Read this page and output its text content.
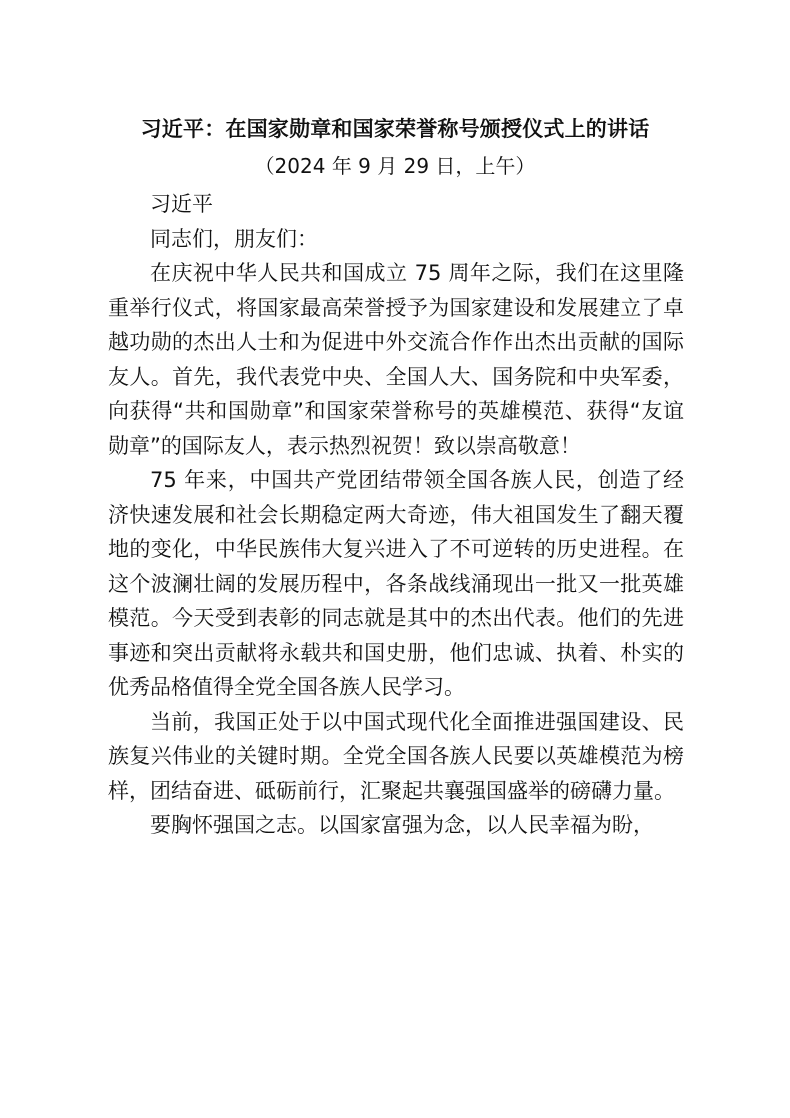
习近平：在国家勋章和国家荣誉称号颁授仪式上的讲话
（2024 年 9 月 29 日，上午）

习近平

同志们，朋友们：

在庆祝中华人民共和国成立 75 周年之际，我们在这里隆重举行仪式，将国家最高荣誉授予为国家建设和发展建立了卓越功勋的杰出人士和为促进中外交流合作作出杰出贡献的国际友人。首先，我代表党中央、全国人大、国务院和中央军委，向获得“共和国勋章”和国家荣誉称号的英雄模范、获得“友谊勋章”的国际友人，表示热烈祝贺！致以崇高敬意！

75 年来，中国共产党团结带领全国各族人民，创造了经济快速发展和社会长期稳定两大奇迹，伟大祖国发生了翻天覆地的变化，中华民族伟大复兴进入了不可逆转的历史进程。在这个波澜壮阔的发展历程中，各条战线涌现出一批又一批英雄模范。今天受到表彰的同志就是其中的杰出代表。他们的先进事迹和突出贡献将永载共和国史册，他们忠诚、执着、朴实的优秀品格值得全党全国各族人民学习。

当前，我国正处于以中国式现代化全面推进强国建设、民族复兴伟业的关键时期。全党全国各族人民要以英雄模范为榜样，团结奋进、砥砺前行，汇聚起共襄强国盛举的磅礴力量。

要胸怀强国之志。以国家富强为念，以人民幸福为盼，
